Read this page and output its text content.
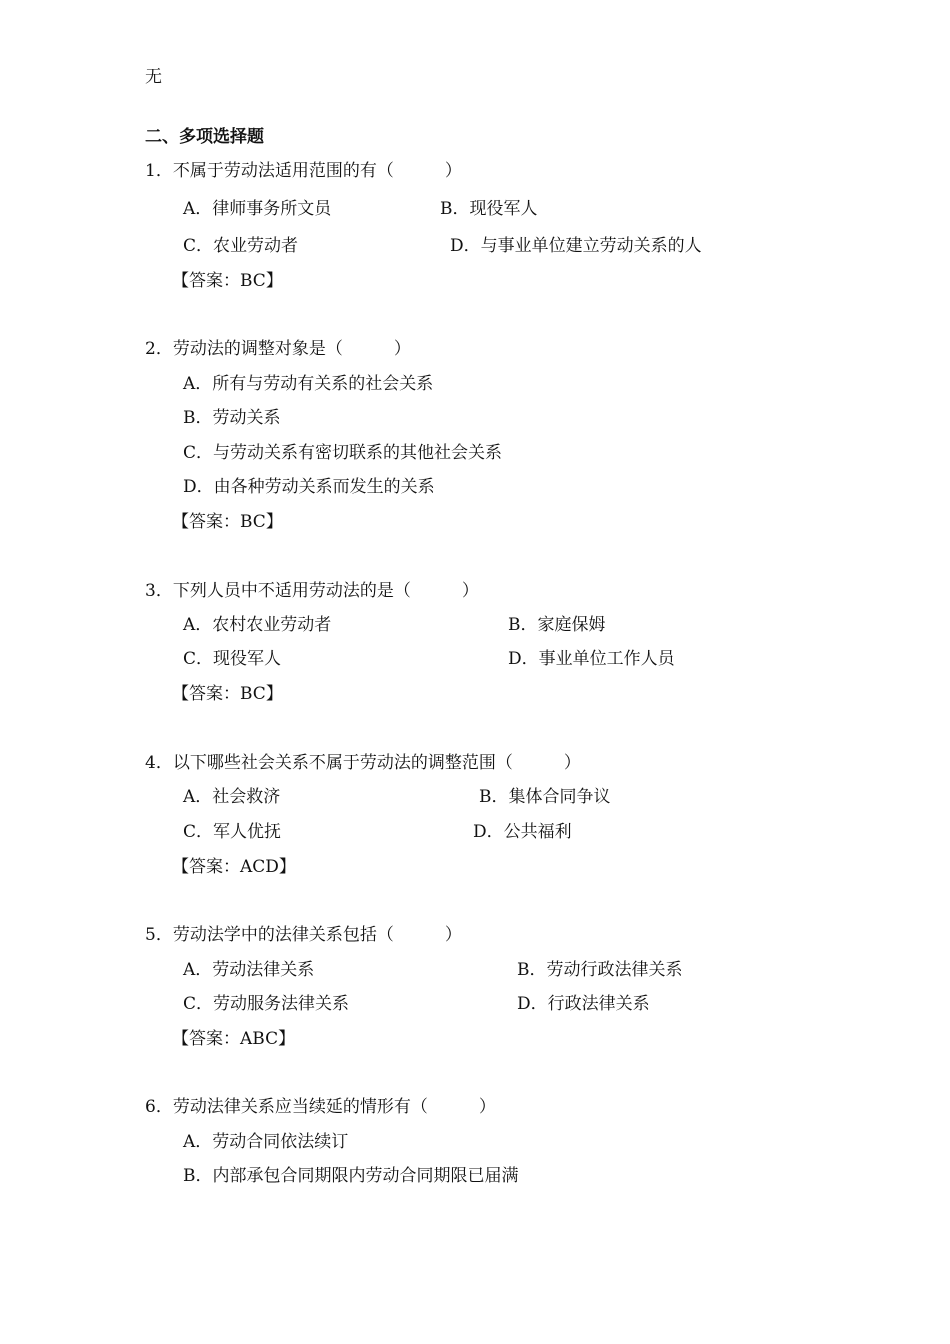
无
二、多项选择题
1．不属于劳动法适用范围的有（　　　）
A．律师事务所文员	B．现役军人
C．农业劳动者	D．与事业单位建立劳动关系的人
【答案：BC】
2．劳动法的调整对象是（　　　）
A．所有与劳动有关系的社会关系
B．劳动关系
C．与劳动关系有密切联系的其他社会关系
D．由各种劳动关系而发生的关系
【答案：BC】
3．下列人员中不适用劳动法的是（　　　）
A．农村农业劳动者	B．家庭保姆
C．现役军人	D．事业单位工作人员
【答案：BC】
4．以下哪些社会关系不属于劳动法的调整范围（　　　）
A．社会救济	B．集体合同争议
C．军人优抚	D．公共福利
【答案：ACD】
5．劳动法学中的法律关系包括（　　　）
A．劳动法律关系	B．劳动行政法律关系
C．劳动服务法律关系	D．行政法律关系
【答案：ABC】
6．劳动法律关系应当续延的情形有（　　　）
A．劳动合同依法续订
B．内部承包合同期限内劳动合同期限已届满
